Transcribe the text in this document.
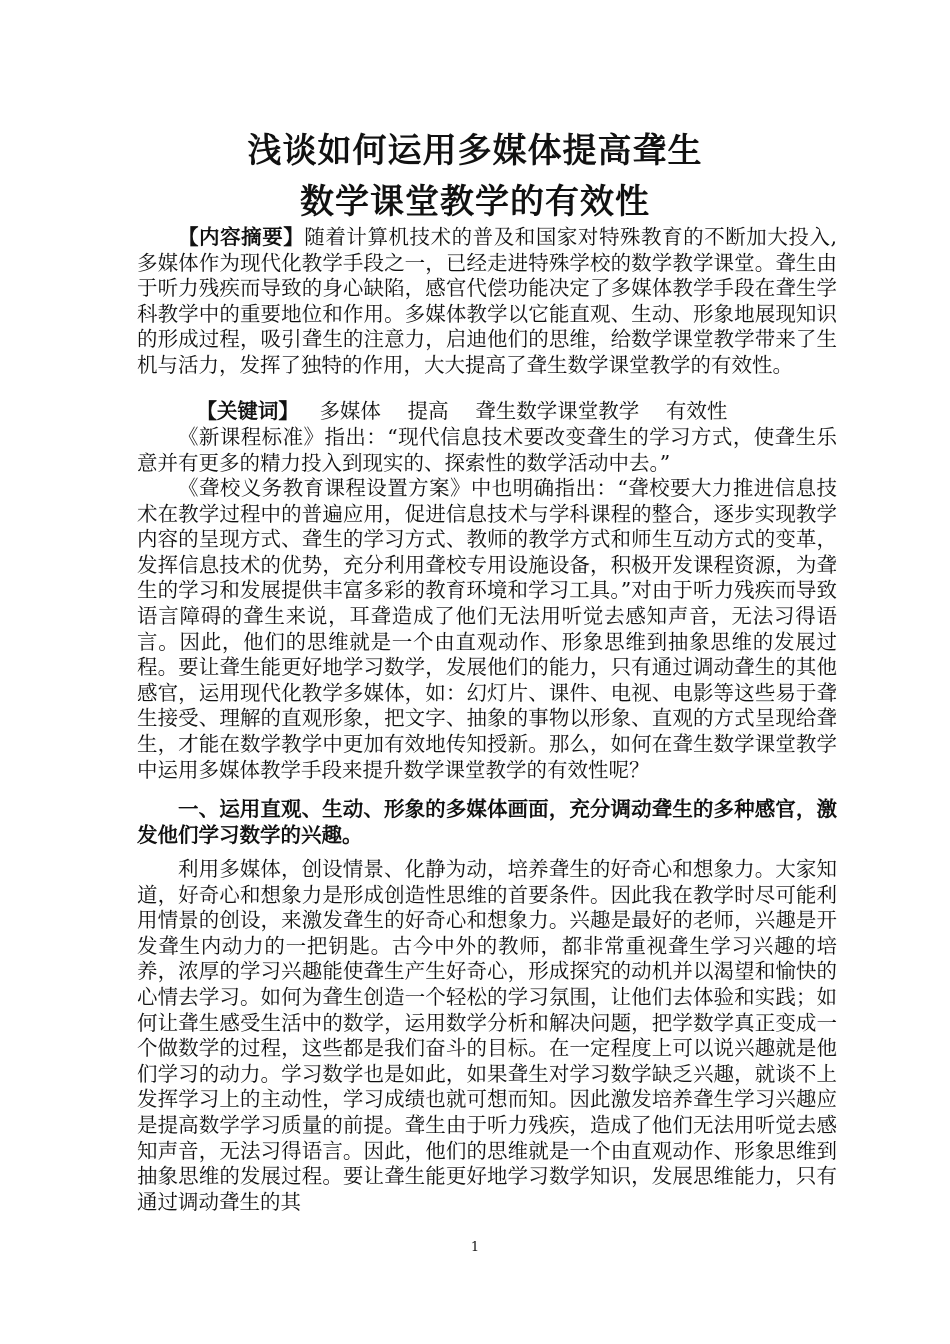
浅谈如何运用多媒体提高聋生
数学课堂教学的有效性

【内容摘要】随着计算机技术的普及和国家对特殊教育的不断加大投入,多媒体作为现代化教学手段之一，已经走进特殊学校的数学教学课堂。聋生由于听力残疾而导致的身心缺陷，感官代偿功能决定了多媒体教学手段在聋生学科教学中的重要地位和作用。多媒体教学以它能直观、生动、形象地展现知识的形成过程，吸引聋生的注意力，启迪他们的思维，给数学课堂教学带来了生机与活力，发挥了独特的作用，大大提高了聋生数学课堂教学的有效性。

【关键词】 多媒体 提高 聋生数学课堂教学 有效性

《新课程标准》指出：“现代信息技术要改变聋生的学习方式，使聋生乐意并有更多的精力投入到现实的、探索性的数学活动中去。”

《聋校义务教育课程设置方案》中也明确指出：“聋校要大力推进信息技术在教学过程中的普遍应用，促进信息技术与学科课程的整合，逐步实现教学内容的呈现方式、聋生的学习方式、教师的教学方式和师生互动方式的变革，发挥信息技术的优势，充分利用聋校专用设施设备，积极开发课程资源，为聋生的学习和发展提供丰富多彩的教育环境和学习工具。”对由于听力残疾而导致语言障碍的聋生来说，耳聋造成了他们无法用听觉去感知声音，无法习得语言。因此，他们的思维就是一个由直观动作、形象思维到抽象思维的发展过程。要让聋生能更好地学习数学，发展他们的能力，只有通过调动聋生的其他感官，运用现代化教学多媒体，如：幻灯片、课件、电视、电影等这些易于聋生接受、理解的直观形象，把文字、抽象的事物以形象、直观的方式呈现给聋生，才能在数学教学中更加有效地传知授新。那么，如何在聋生数学课堂教学中运用多媒体教学手段来提升数学课堂教学的有效性呢？

一、运用直观、生动、形象的多媒体画面，充分调动聋生的多种感官，激发他们学习数学的兴趣。

利用多媒体，创设情景、化静为动，培养聋生的好奇心和想象力。大家知道，好奇心和想象力是形成创造性思维的首要条件。因此我在教学时尽可能利用情景的创设，来激发聋生的好奇心和想象力。兴趣是最好的老师，兴趣是开发聋生内动力的一把钥匙。古今中外的教师，都非常重视聋生学习兴趣的培养，浓厚的学习兴趣能使聋生产生好奇心，形成探究的动机并以渴望和愉快的心情去学习。如何为聋生创造一个轻松的学习氛围，让他们去体验和实践；如何让聋生感受生活中的数学，运用数学分析和解决问题，把学数学真正变成一个做数学的过程，这些都是我们奋斗的目标。在一定程度上可以说兴趣就是他们学习的动力。学习数学也是如此，如果聋生对学习数学缺乏兴趣，就谈不上发挥学习上的主动性，学习成绩也就可想而知。因此激发培养聋生学习兴趣应是提高数学学习质量的前提。聋生由于听力残疾，造成了他们无法用听觉去感知声音，无法习得语言。因此，他们的思维就是一个由直观动作、形象思维到抽象思维的发展过程。要让聋生能更好地学习数学知识，发展思维能力，只有通过调动聋生的其

1
